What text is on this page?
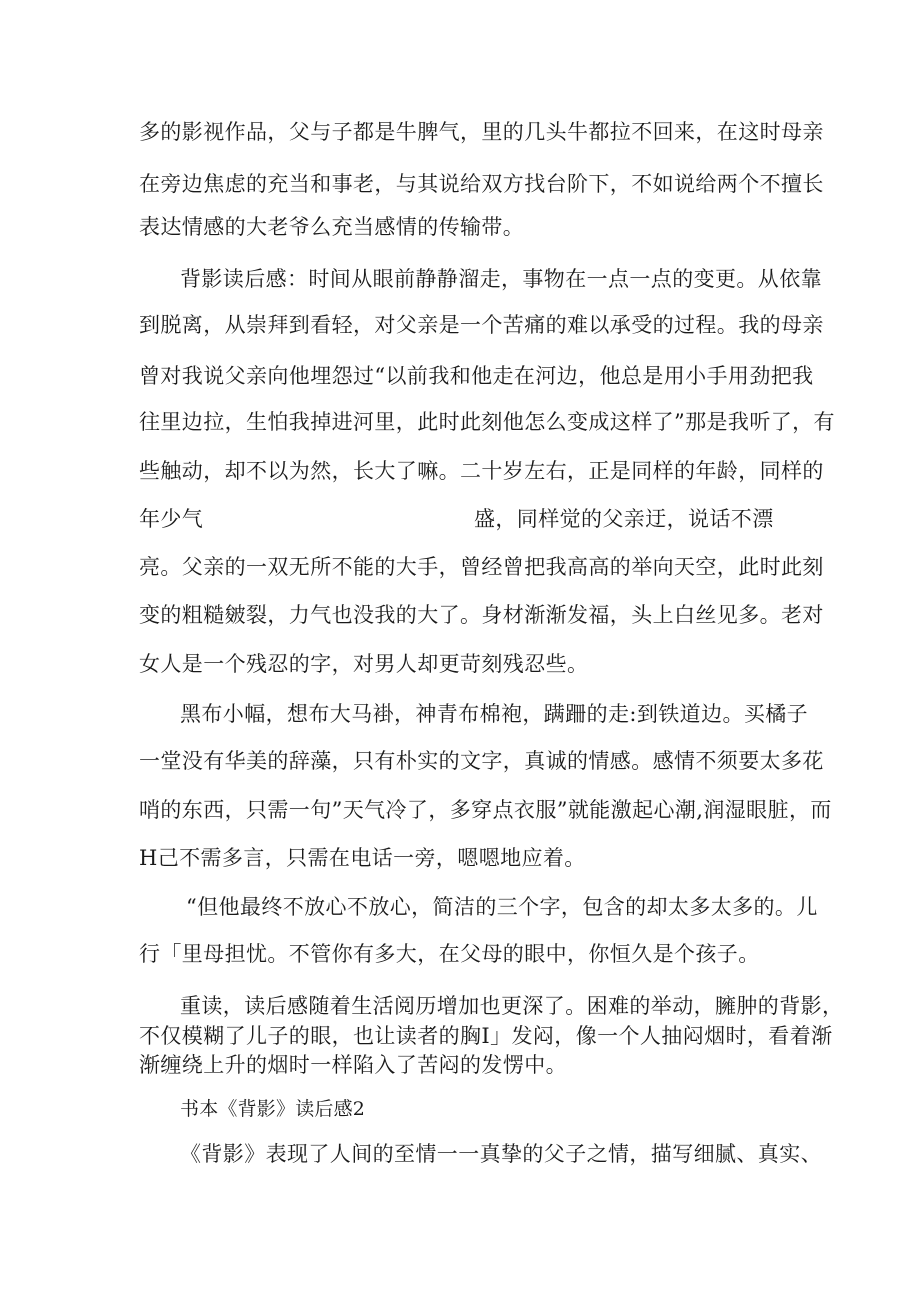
多的影视作品，父与子都是牛脾气，里的几头牛都拉不回来，在这时母亲
在旁边焦虑的充当和事老，与其说给双方找台阶下，不如说给两个不擅长
表达情感的大老爷么充当感情的传输带。
背影读后感：时间从眼前静静溜走，事物在一点一点的变更。从依靠
到脱离，从崇拜到看轻，对父亲是一个苦痛的难以承受的过程。我的母亲
曾对我说父亲向他埋怨过“以前我和他走在河边，他总是用小手用劲把我
往里边拉，生怕我掉进河里，此时此刻他怎么变成这样了”那是我听了，有
些触动，却不以为然，长大了嘛。二十岁左右，正是同样的年龄，同样的
年少气	盛，同样觉的父亲迂，说话不漂
亮。父亲的一双无所不能的大手，曾经曾把我高高的举向天空，此时此刻
变的粗糙皴裂，力气也没我的大了。身材渐渐发福，头上白丝见多。老对
女人是一个残忍的字，对男人却更苛刻残忍些。
黑布小幅，想布大马褂，神青布棉袍，蹒跚的走:到铁道边。买橘子
一堂没有华美的辞藻，只有朴实的文字，真诚的情感。感情不须要太多花
哨的东西，只需一句”天气冷了，多穿点衣服”就能激起心潮,润湿眼脏，而
H己不需多言，只需在电话一旁，嗯嗯地应着。
“但他最终不放心不放心，简洁的三个字，包含的却太多太多的。儿
行「里母担忧。不管你有多大，在父母的眼中，你恒久是个孩子。
重读，读后感随着生活阅历增加也更深了。困难的举动，臃肿的背影，
不仅模糊了儿子的眼，也让读者的胸I」发闷，像一个人抽闷烟时，看着渐
渐缠绕上升的烟时一样陷入了苦闷的发愣中。
书本《背影》读后感2
《背影》表现了人间的至情一一真挚的父子之情，描写细腻、真实、
